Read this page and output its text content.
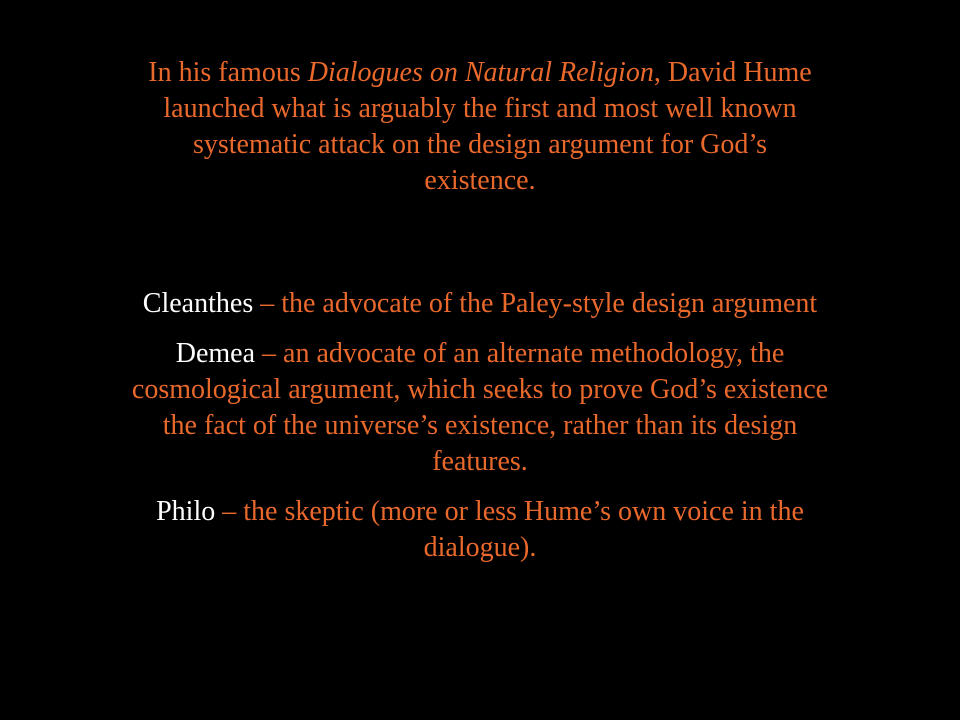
In his famous Dialogues on Natural Religion, David Hume launched what is arguably the first and most well known systematic attack on the design argument for God’s existence.

Cleanthes – the advocate of the Paley-style design argument

Demea – an advocate of an alternate methodology, the cosmological argument, which seeks to prove God’s existence the fact of the universe’s existence, rather than its design features.

Philo – the skeptic (more or less Hume’s own voice in the dialogue).
